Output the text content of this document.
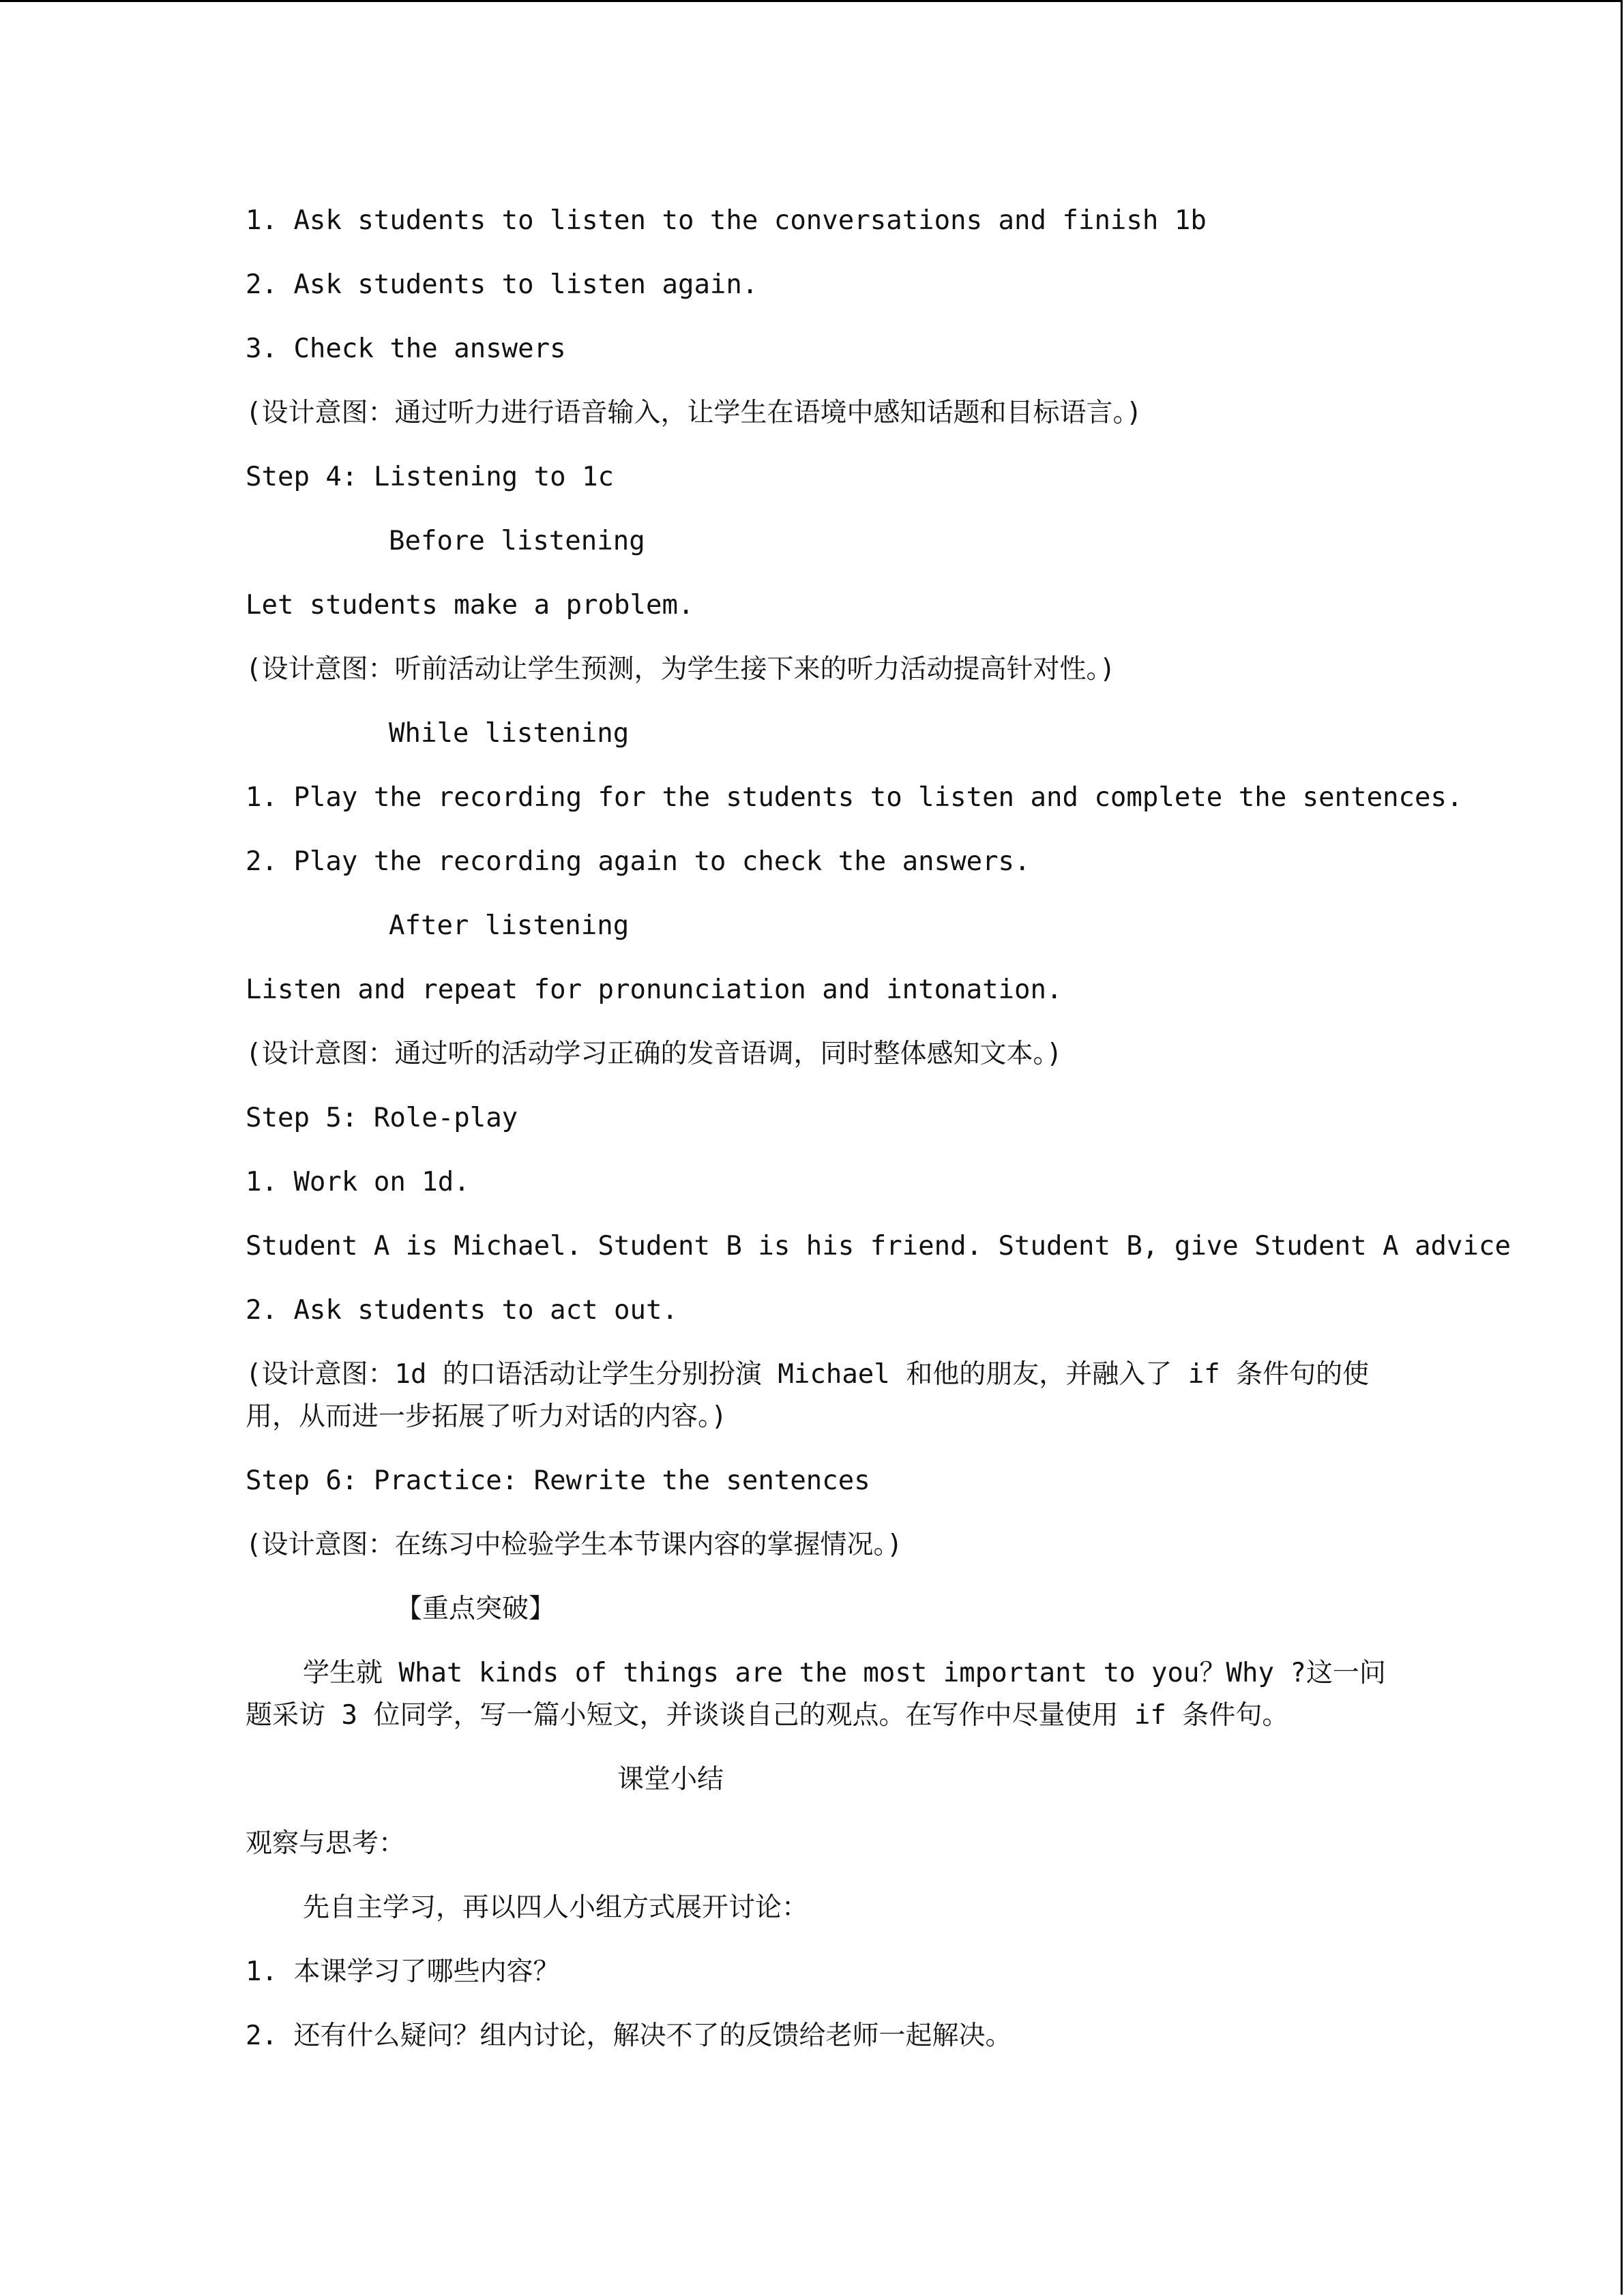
1. Ask students to listen to the conversations and finish 1b
2. Ask students to listen again.
3. Check the answers
(设计意图：通过听力进行语音输入，让学生在语境中感知话题和目标语言。)
Step 4: Listening to 1c
Before listening
Let students make a problem.
(设计意图：听前活动让学生预测，为学生接下来的听力活动提高针对性。)
While listening
1. Play the recording for the students to listen and complete the sentences.
2. Play the recording again to check the answers.
After listening
Listen and repeat for pronunciation and intonation.
(设计意图：通过听的活动学习正确的发音语调，同时整体感知文本。)
Step 5: Role-play
1. Work on 1d.
Student A is Michael. Student B is his friend. Student B, give Student A advice
2. Ask students to act out.
(设计意图：1d 的口语活动让学生分别扮演 Michael 和他的朋友，并融入了 if 条件句的使用，从而进一步拓展了听力对话的内容。)
Step 6: Practice: Rewrite the sentences
(设计意图：在练习中检验学生本节课内容的掌握情况。)
【重点突破】
学生就 What kinds of things are the most important to you？Why ?这一问题采访 3 位同学，写一篇小短文，并谈谈自己的观点。在写作中尽量使用 if 条件句。
课堂小结
观察与思考：
先自主学习，再以四人小组方式展开讨论：
1. 本课学习了哪些内容？
2. 还有什么疑问？组内讨论，解决不了的反馈给老师一起解决。
